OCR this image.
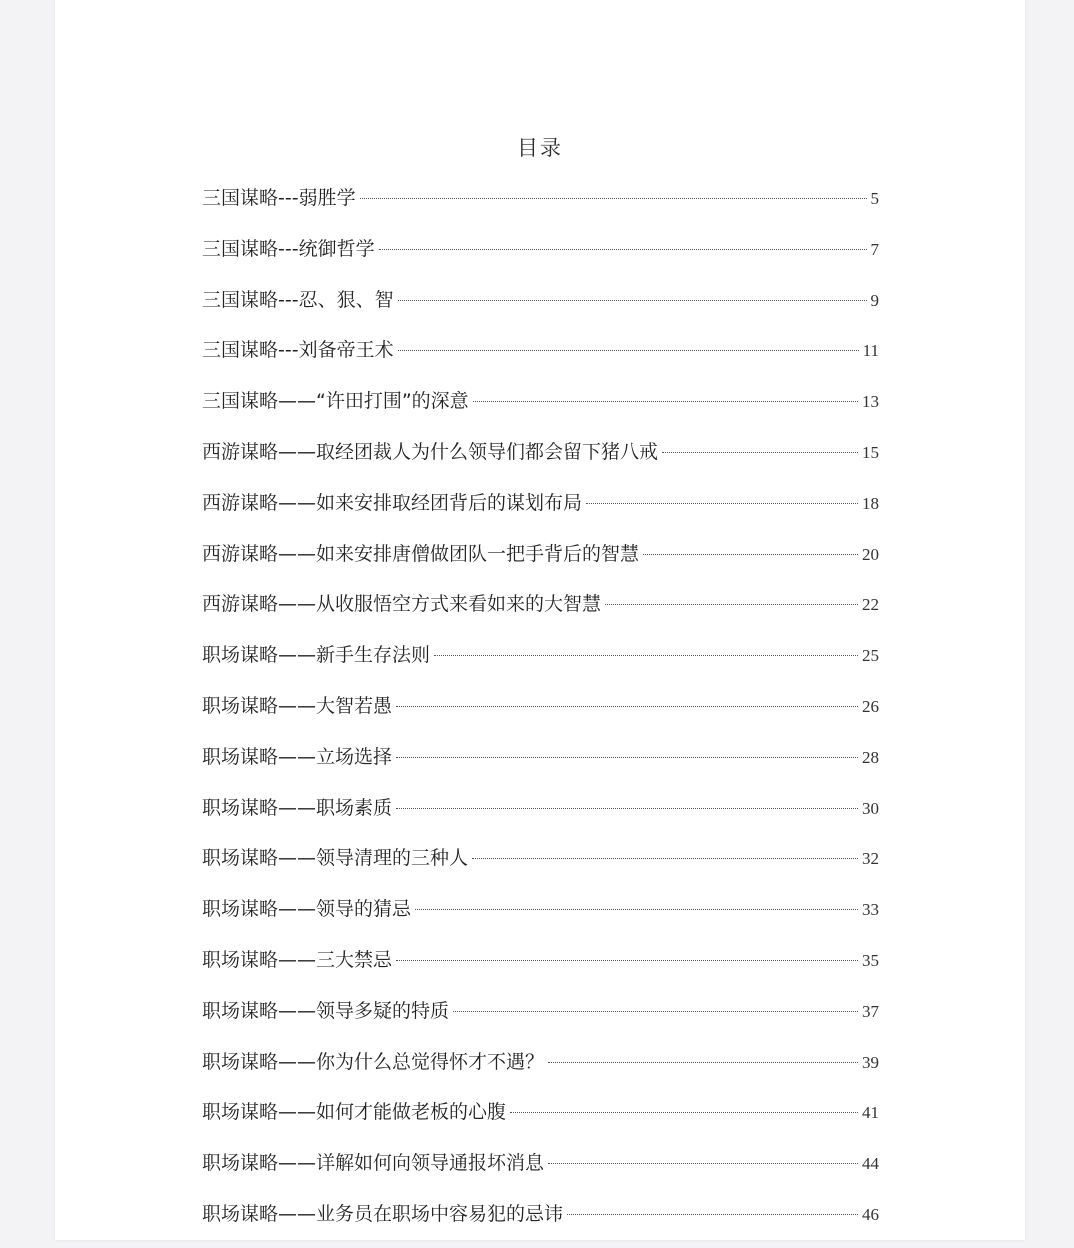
目录
三国谋略---弱胜学	5
三国谋略---统御哲学	7
三国谋略---忍、狠、智	9
三国谋略---刘备帝王术	11
三国谋略——“许田打围”的深意	13
西游谋略——取经团裁人为什么领导们都会留下猪八戒	15
西游谋略——如来安排取经团背后的谋划布局	18
西游谋略——如来安排唐僧做团队一把手背后的智慧	20
西游谋略——从收服悟空方式来看如来的大智慧	22
职场谋略——新手生存法则	25
职场谋略——大智若愚	26
职场谋略——立场选择	28
职场谋略——职场素质	30
职场谋略——领导清理的三种人	32
职场谋略——领导的猜忌	33
职场谋略——三大禁忌	35
职场谋略——领导多疑的特质	37
职场谋略——你为什么总觉得怀才不遇？	39
职场谋略——如何才能做老板的心腹	41
职场谋略——详解如何向领导通报坏消息	44
职场谋略——业务员在职场中容易犯的忌讳	46
